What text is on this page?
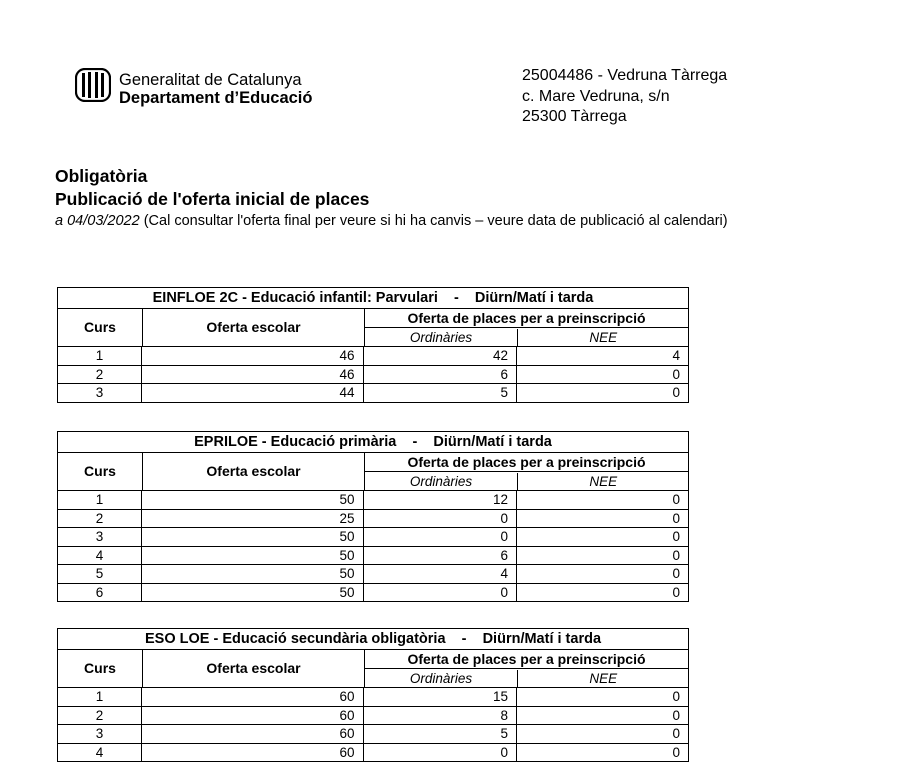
Generalitat de Catalunya
Departament d’Educació
25004486 - Vedruna Tàrrega
c. Mare Vedruna, s/n
25300 Tàrrega
Obligatòria
Publicació de l'oferta inicial de places
a 04/03/2022 (Cal consultar l'oferta final per veure si hi ha canvis – veure data de publicació al calendari)
EINFLOE 2C - Educació infantil: Parvulari    -    Diürn/Matí i tarda
Curs	Oferta escolar
Oferta de places per a preinscripció
Ordinàries	NEE
1	46	42	4
2	46	6	0
3	44	5	0
EPRILOE - Educació primària    -    Diürn/Matí i tarda
Curs	Oferta escolar
Oferta de places per a preinscripció
Ordinàries	NEE
1	50	12	0
2	25	0	0
3	50	0	0
4	50	6	0
5	50	4	0
6	50	0	0
ESO LOE - Educació secundària obligatòria    -    Diürn/Matí i tarda
Curs	Oferta escolar
Oferta de places per a preinscripció
Ordinàries	NEE
1	60	15	0
2	60	8	0
3	60	5	0
4	60	0	0
